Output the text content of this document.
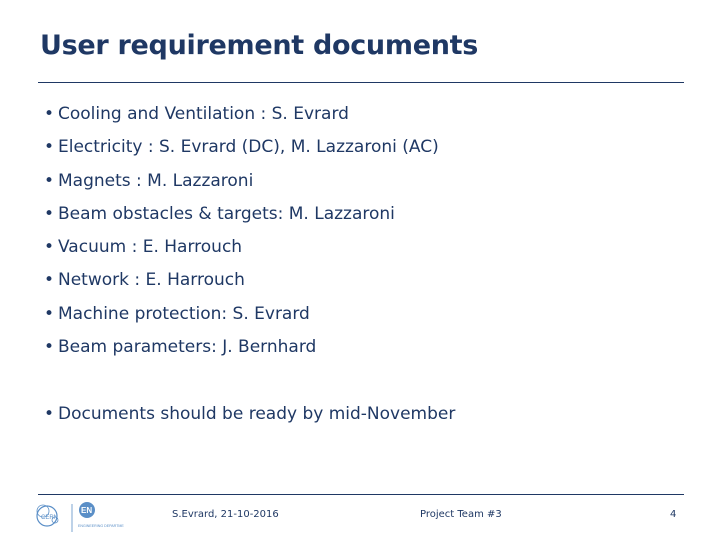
User requirement documents
• Cooling and Ventilation : S. Evrard
• Electricity : S. Evrard (DC), M. Lazzaroni (AC)
• Magnets : M. Lazzaroni
• Beam obstacles & targets: M. Lazzaroni
• Vacuum : E. Harrouch
• Network : E. Harrouch
• Machine protection: S. Evrard
• Beam parameters: J. Bernhard
• Documents should be ready by mid-November
CERN
EN
ENGINEERING DEPARTMENT
S.Evrard, 21-10-2016	Project Team #3	4
